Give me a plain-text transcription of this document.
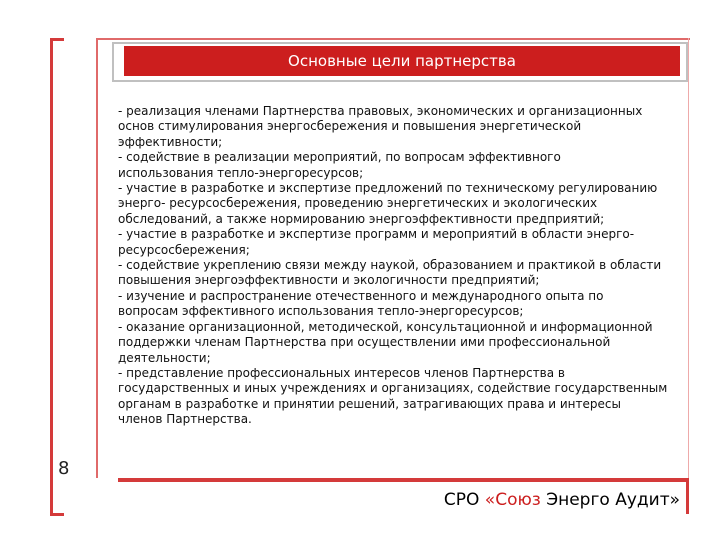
Основные цели партнерства
- реализация членами Партнерства правовых, экономических и организационных
основ стимулирования энергосбережения и повышения энергетической
эффективности;
- содействие в реализации мероприятий, по вопросам эффективного
использования тепло-энергоресурсов;
- участие в разработке и экспертизе предложений по техническому регулированию
энерго- ресурсосбережения, проведению энергетических и экологических
обследований, а также нормированию энергоэффективности предприятий;
- участие в разработке и экспертизе программ и мероприятий в области энерго-
ресурсосбережения;
- содействие укреплению связи между наукой, образованием и практикой в области
повышения энергоэффективности и экологичности предприятий;
- изучение и распространение отечественного и международного опыта по
вопросам эффективного использования тепло-энергоресурсов;
- оказание организационной, методической, консультационной и информационной
поддержки членам Партнерства при осуществлении ими профессиональной
деятельности;
- представление профессиональных интересов членов Партнерства в
государственных и иных учреждениях и организациях, содействие государственным
органам в разработке и принятии решений, затрагивающих права и интересы
членов Партнерства.
8
СРО «Союз Энерго Аудит»
